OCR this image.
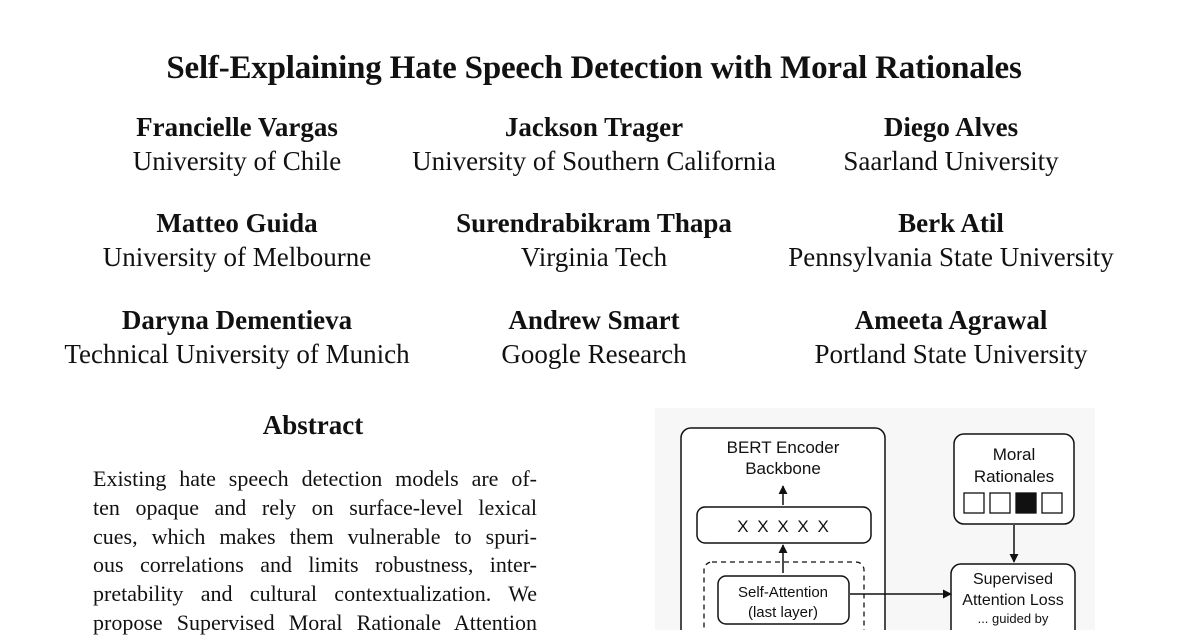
Self-Explaining Hate Speech Detection with Moral Rationales
Francielle Vargas
University of Chile
Jackson Trager
University of Southern California
Diego Alves
Saarland University
Matteo Guida
University of Melbourne
Surendrabikram Thapa
Virginia Tech
Berk Atil
Pennsylvania State University
Daryna Dementieva
Technical University of Munich
Andrew Smart
Google Research
Ameeta Agrawal
Portland State University
Abstract
Existing hate speech detection models are of-
ten opaque and rely on surface-level lexical
cues, which makes them vulnerable to spuri-
ous correlations and limits robustness, inter-
pretability and cultural contextualization. We
propose Supervised Moral Rationale Attention
BERT Encoder
Backbone
X X X X X
Self-Attention
(last layer)
Moral
Rationales
Supervised
Attention Loss
... guided by
